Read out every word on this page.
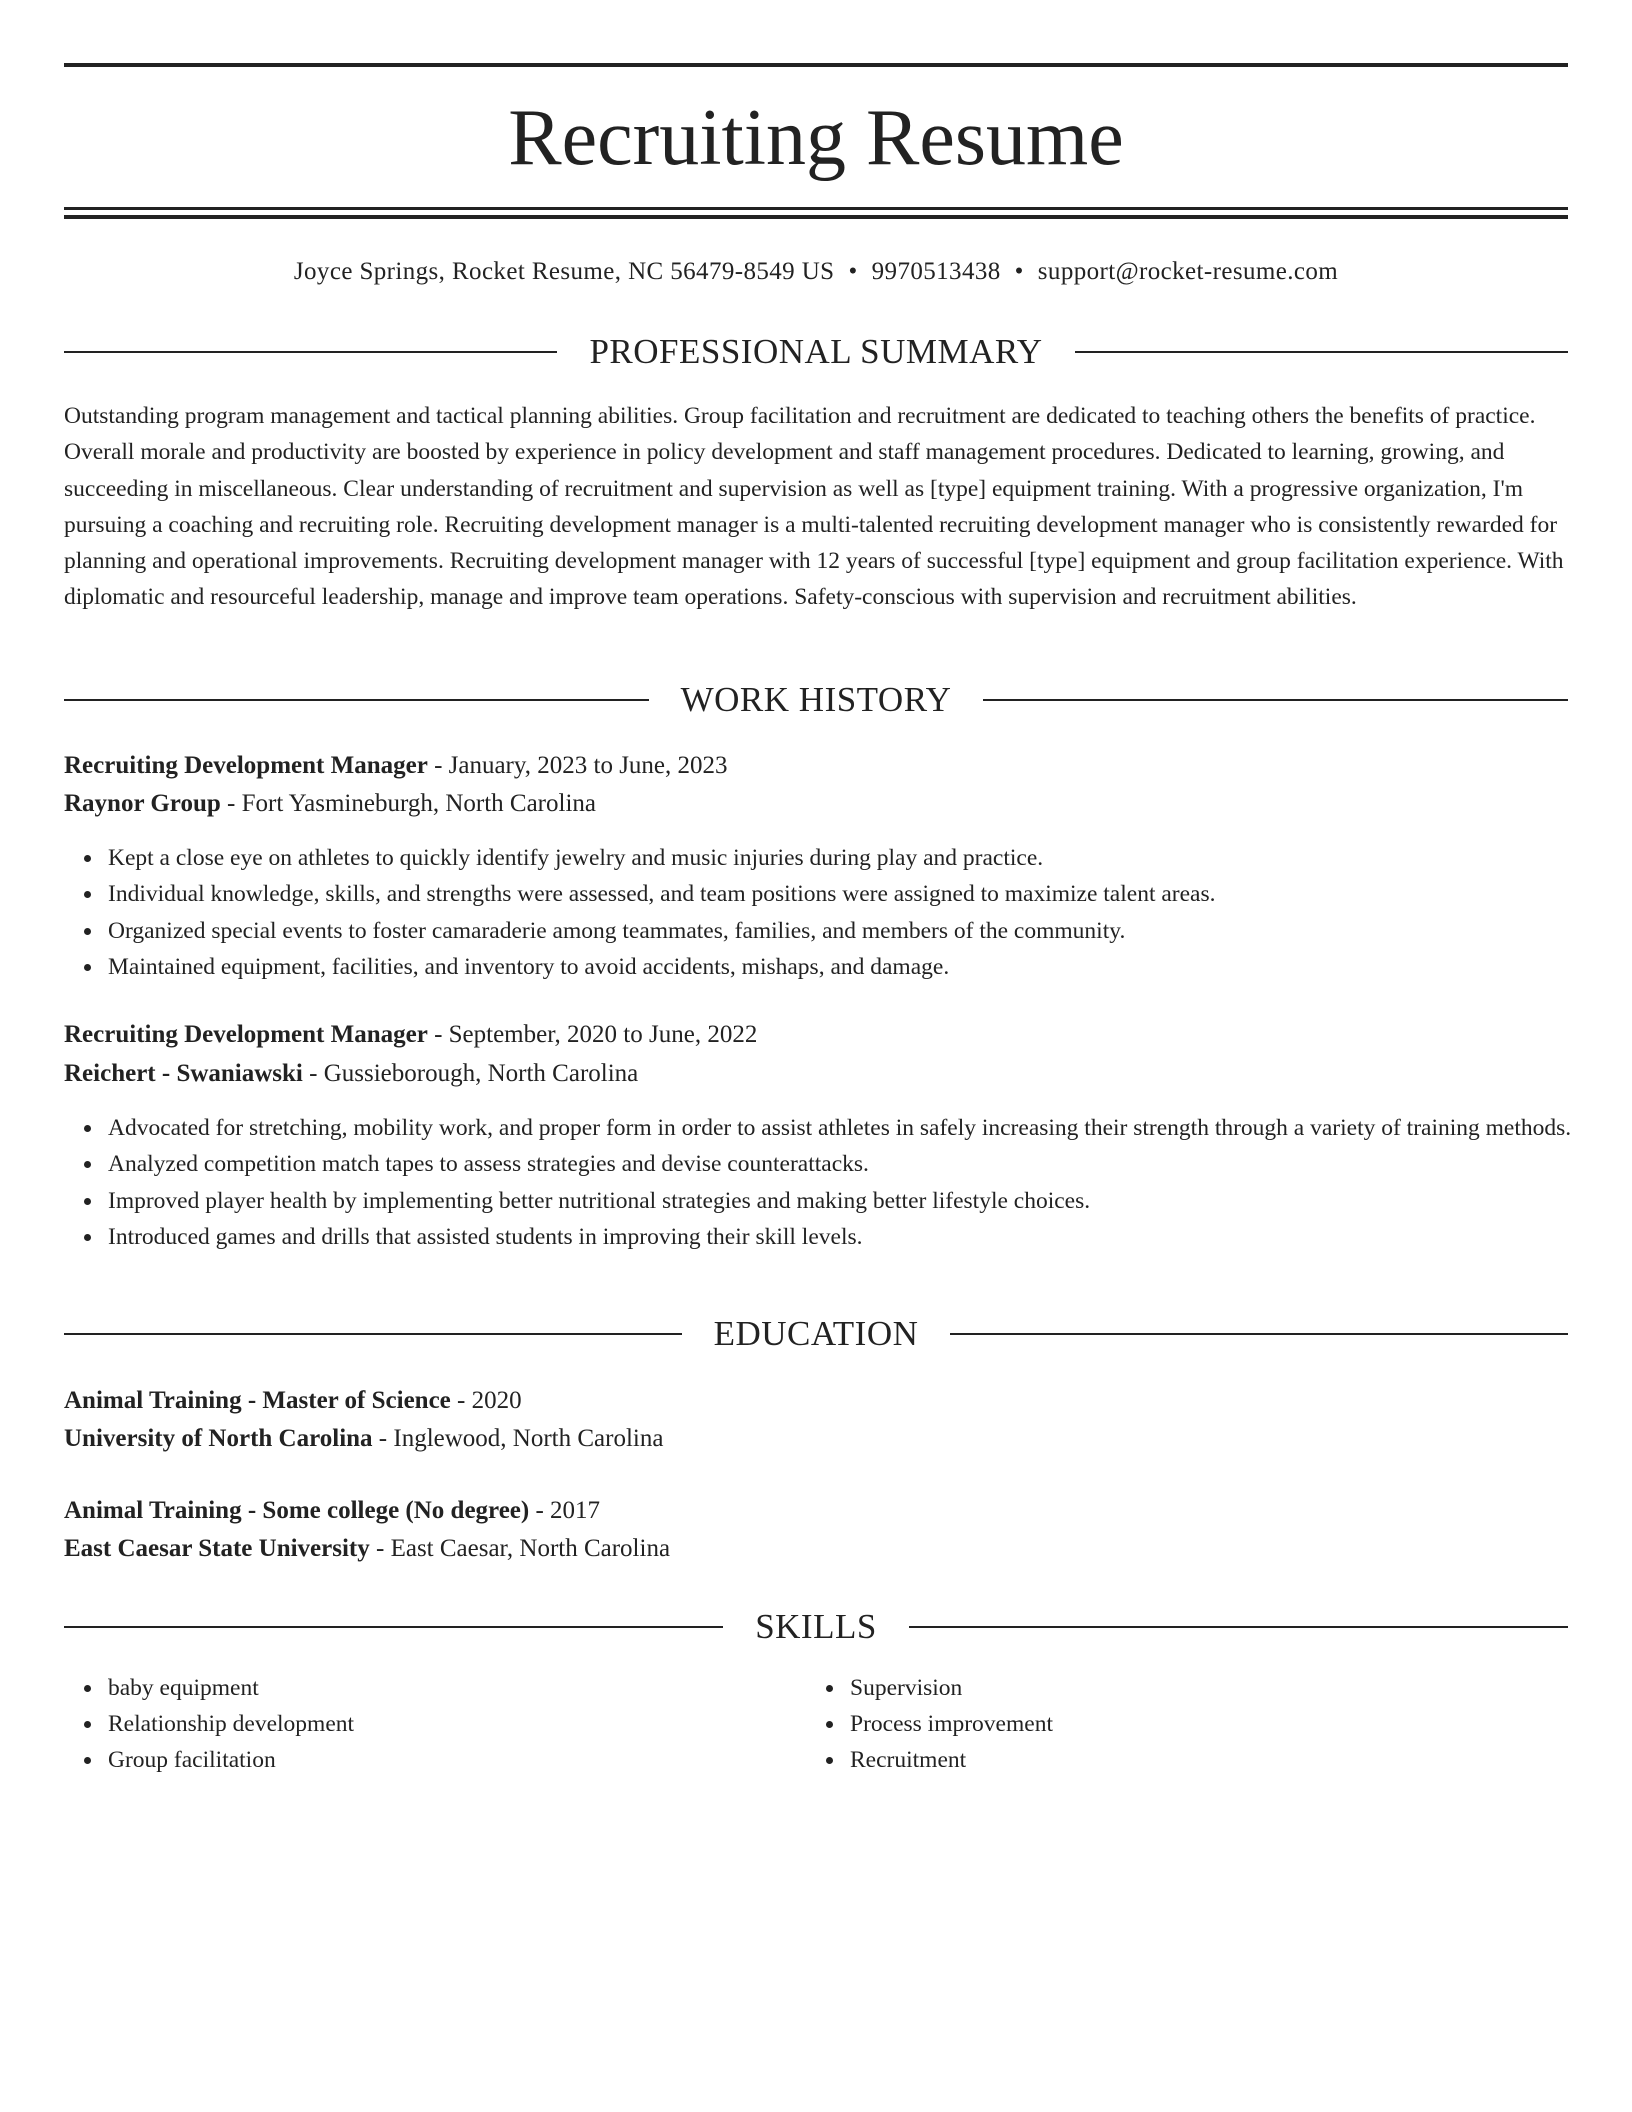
Recruiting Resume
Joyce Springs, Rocket Resume, NC 56479-8549 US • 9970513438 • support@rocket-resume.com
PROFESSIONAL SUMMARY

Outstanding program management and tactical planning abilities. Group facilitation and recruitment are dedicated to teaching others the benefits of practice. Overall morale and productivity are boosted by experience in policy development and staff management procedures. Dedicated to learning, growing, and succeeding in miscellaneous. Clear understanding of recruitment and supervision as well as [type] equipment training. With a progressive organization, I'm pursuing a coaching and recruiting role. Recruiting development manager is a multi-talented recruiting development manager who is consistently rewarded for planning and operational improvements. Recruiting development manager with 12 years of successful [type] equipment and group facilitation experience. With diplomatic and resourceful leadership, manage and improve team operations. Safety-conscious with supervision and recruitment abilities.

WORK HISTORY

Recruiting Development Manager - January, 2023 to June, 2023

Raynor Group - Fort Yasmineburgh, North Carolina

Kept a close eye on athletes to quickly identify jewelry and music injuries during play and practice.
Individual knowledge, skills, and strengths were assessed, and team positions were assigned to maximize talent areas.
Organized special events to foster camaraderie among teammates, families, and members of the community.
Maintained equipment, facilities, and inventory to avoid accidents, mishaps, and damage.

Recruiting Development Manager - September, 2020 to June, 2022

Reichert - Swaniawski - Gussieborough, North Carolina

Advocated for stretching, mobility work, and proper form in order to assist athletes in safely increasing their strength through a variety of training methods.
Analyzed competition match tapes to assess strategies and devise counterattacks.
Improved player health by implementing better nutritional strategies and making better lifestyle choices.
Introduced games and drills that assisted students in improving their skill levels.
EDUCATION

Animal Training - Master of Science - 2020

University of North Carolina - Inglewood, North Carolina

Animal Training - Some college (No degree) - 2017

East Caesar State University - East Caesar, North Carolina

SKILLS
baby equipment
Relationship development
Group facilitation
Supervision
Process improvement
Recruitment
